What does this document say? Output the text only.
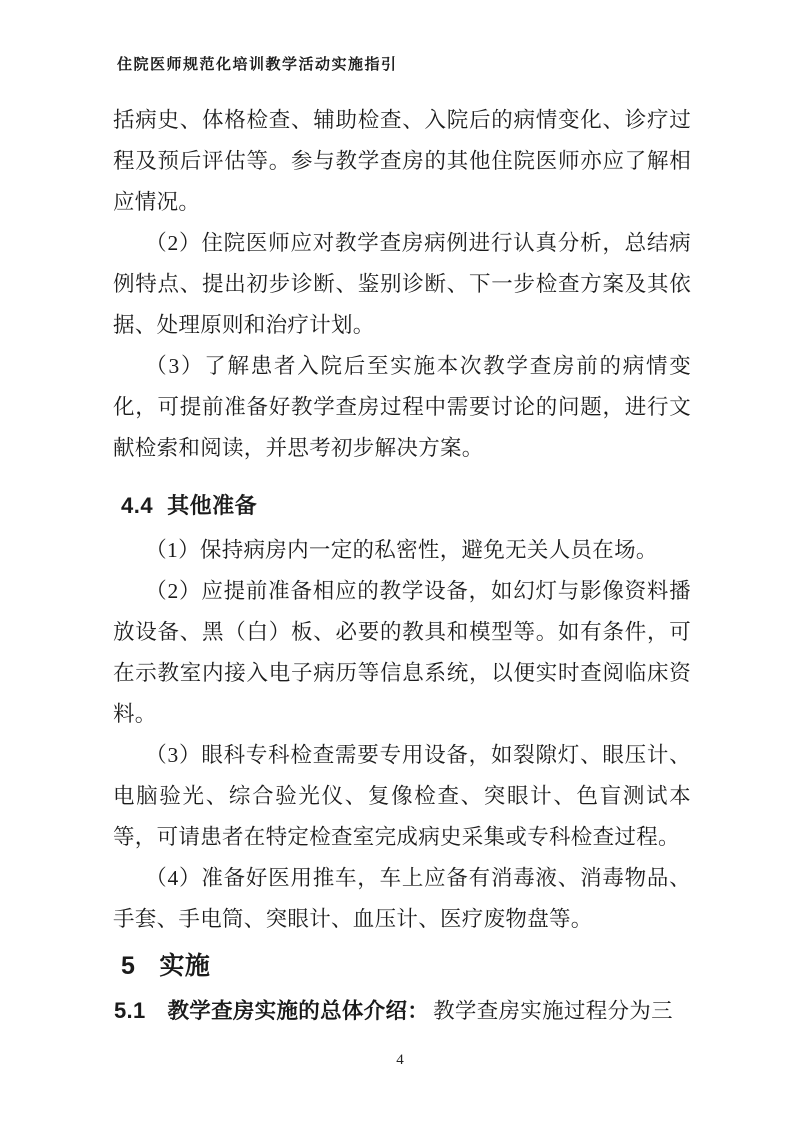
住院医师规范化培训教学活动实施指引

括病史、体格检查、辅助检查、入院后的病情变化、诊疗过程及预后评估等。参与教学查房的其他住院医师亦应了解相应情况。

（2）住院医师应对教学查房病例进行认真分析，总结病例特点、提出初步诊断、鉴别诊断、下一步检查方案及其依据、处理原则和治疗计划。

（3）了解患者入院后至实施本次教学查房前的病情变化，可提前准备好教学查房过程中需要讨论的问题，进行文献检索和阅读，并思考初步解决方案。

4.4 其他准备

（1）保持病房内一定的私密性，避免无关人员在场。

（2）应提前准备相应的教学设备，如幻灯与影像资料播放设备、黑（白）板、必要的教具和模型等。如有条件，可在示教室内接入电子病历等信息系统，以便实时查阅临床资料。

（3）眼科专科检查需要专用设备，如裂隙灯、眼压计、电脑验光、综合验光仪、复像检查、突眼计、色盲测试本等，可请患者在特定检查室完成病史采集或专科检查过程。

（4）准备好医用推车，车上应备有消毒液、消毒物品、手套、手电筒、突眼计、血压计、医疗废物盘等。

5 实施

5.1 教学查房实施的总体介绍： 教学查房实施过程分为三

4
